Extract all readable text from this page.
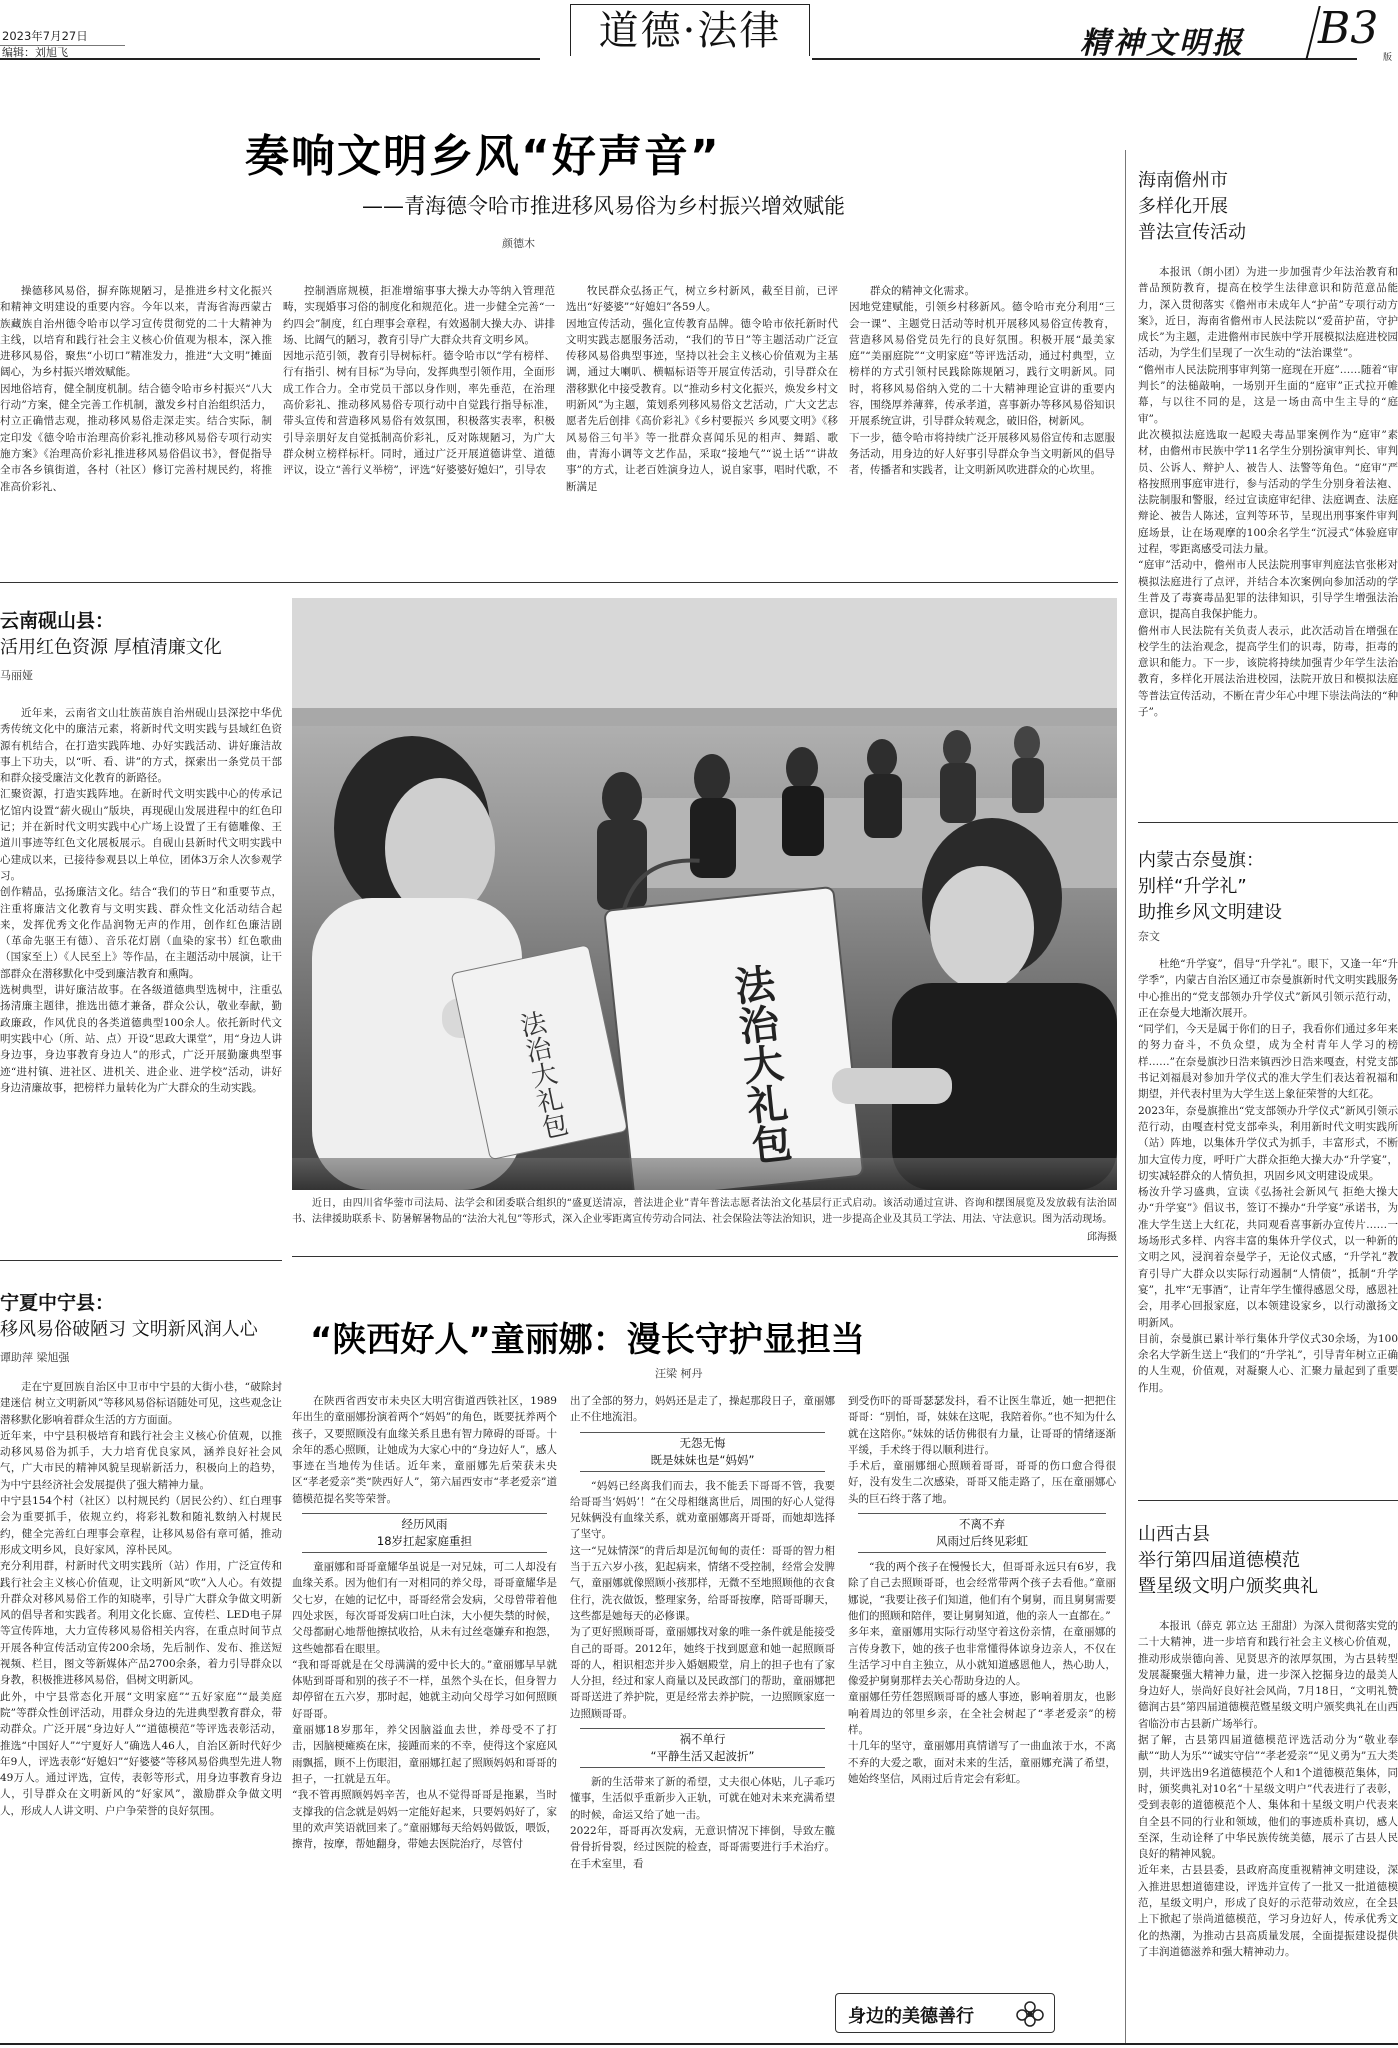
2023年7月27日
编辑：刘旭飞	道德·法律	精神文明报 B3
版
奏响文明乡风“好声音”
——青海德令哈市推进移风易俗为乡村振兴增效赋能
颜德木
操德移风易俗，摒弃陈规陋习，是推进乡村文化振兴和精神文明建设的重要内容。今年以来，青海省海西蒙古族藏族自治州德令哈市以学习宣传贯彻党的二十大精神为主线，以培育和践行社会主义核心价值观为根本，深入推进移风易俗，聚焦“小切口”精准发力，推进“大文明”摊面阔心，为乡村振兴增效赋能。
因地俗培育，健全制度机制。结合德令哈市乡村振兴“八大行动”方案，健全完善工作机制，激发乡村自治组织活力，村立正确惜志观，推动移风易俗走深走实。结合实际，制定印发《德令哈市治理高价彩礼推动移风易俗专项行动实施方案》《治理高价彩礼推进移风易俗倡议书》，督促指导全市各乡镇街道，各村（社区）修订完善村规民约，将推准高价彩礼、
控制酒席规模，拒准增缩事事大操大办等纳入管理范畴，实现婚事习俗的制度化和规范化。进一步健全完善“一约四会”制度，红白理事会章程，有效遏制大操大办、讲排场、比阔气的陋习，教育引导广大群众共育文明乡风。
因地示范引领，教育引导树标杆。德令哈市以“学有榜样、行有指引、树有目标”为导向，发挥典型引领作用，全面形成工作合力。全市党员干部以身作则，率先垂范，在治理高价彩礼、推动移风易俗专项行动中自觉践行指导标准，带头宣传和营造移风易俗有效氛围，积极落实表率，积极引导亲朋好友自觉抵制高价彩礼，反对陈规陋习，为广大群众树立榜样标杆。同时，通过广泛开展道德讲堂、道德评议，设立“善行义举榜”，评选“好婆婆好媳妇”，引导农
牧民群众弘扬正气，树立乡村新风，截至目前，已评选出“好婆婆”“好媳妇”各59人。
因地宣传活动，强化宣传教育品牌。德令哈市依托新时代文明实践志愿服务活动，“我们的节日”等主题活动广泛宣传移风易俗典型事迹，坚持以社会主义核心价值观为主基调，通过大喇叭、横幅标语等开展宣传活动，引导群众在潜移默化中接受教育。以“推动乡村文化振兴，焕发乡村文明新风”为主题，策划系列移风易俗文艺活动，广大文艺志愿者先后创排《高价彩礼》《乡村要振兴 乡风要文明》《移风易俗三句半》等一批群众喜闻乐见的相声、舞蹈、歌曲，青海小调等文艺作品，采取“接地气”“说土话”“讲故事”的方式，让老百姓演身边人，说自家事，唱时代歌，不断满足
群众的精神文化需求。
因地党建赋能，引领乡村移新风。德令哈市充分利用“三会一课”、主题党日活动等时机开展移风易俗宣传教育，营造移风易俗党员先行的良好氛围。积极开展“最美家庭”“美丽庭院”“文明家庭”等评选活动，通过村典型，立榜样的方式引领村民践除陈规陋习，践行文明新风。同时，将移风易俗纳入党的二十大精神理论宣讲的重要内容，围绕厚养薄葬，传承孝道，喜事新办等移风易俗知识开展系统宣讲，引导群众转观念，破旧俗，树新风。
下一步，德令哈市将持续广泛开展移风易俗宣传和志愿服务活动，用身边的好人好事引导群众争当文明新风的倡导者，传播者和实践者，让文明新风吹进群众的心坎里。
云南砚山县：
活用红色资源 厚植清廉文化
马丽娅
近年来，云南省文山壮族苗族自治州砚山县深挖中华优秀传统文化中的廉洁元素，将新时代文明实践与县域红色资源有机结合，在打造实践阵地、办好实践活动、讲好廉洁故事上下功夫，以“听、看、讲”的方式，探索出一条党员干部和群众接受廉洁文化教育的新路径。
汇聚资源，打造实践阵地。在新时代文明实践中心的传承记忆馆内设置“薪火砚山”版块，再现砚山发展进程中的红色印记；并在新时代文明实践中心广场上设置了王有德雕像、王道川事迹等红色文化展板展示。自砚山县新时代文明实践中心建成以来，已接待参观县以上单位，团体3万余人次参观学习。
创作精品，弘扬廉洁文化。结合“我们的节日”和重要节点，注重将廉洁文化教育与文明实践、群众性文化活动结合起来，发挥优秀文化作品润物无声的作用，创作红色廉洁剧（革命先驱王有德）、音乐花灯剧（血染的家书）红色歌曲（国家至上）《人民至上》等作品，在主题活动中展演，让干部群众在潜移默化中受到廉洁教育和熏陶。
选树典型，讲好廉洁故事。在各级道德典型选树中，注重弘扬清廉主题律，推选出德才兼备，群众公认，敬业奉献，勤政廉政，作风优良的各类道德典型100余人。依托新时代文明实践中心（所、站、点）开设“思政大课堂”，用“身边人讲身边事，身边事教育身边人”的形式，广泛开展勤廉典型事迹“进村镇、进社区、进机关、进企业、进学校”活动，讲好身边清廉故事，把榜样力量转化为广大群众的生动实践。	法治大礼包
法治大礼包
近日，由四川省华蓥市司法局、法学会和团委联合组织的“盛夏送清凉，普法进企业”青年普法志愿者法治文化基层行正式启动。该活动通过宣讲、咨询和摆图展览及发放载有法治固书、法律援助联系卡、防暑解暑物品的“法治大礼包”等形式，深入企业零距离宣传劳动合同法、社会保险法等法治知识，进一步提高企业及其员工学法、用法、守法意识。图为活动现场。
邱海摄
宁夏中宁县：
移风易俗破陋习 文明新风润人心
谭助萍 梁旭强
走在宁夏回族自治区中卫市中宁县的大街小巷，“破除封建迷信 树立文明新风”等移风易俗标语随处可见，这些观念让潜移默化影响着群众生活的方方面面。
近年来，中宁县积极培育和践行社会主义核心价值观，以推动移风易俗为抓手，大力培育优良家风，涵养良好社会风气，广大市民的精神风貌呈现崭新活力，积极向上的趋势，为中宁县经济社会发展提供了强大精神力量。
中宁县154个村（社区）以村规民约（居民公约）、红白理事会为重要抓手，依规立约，将彩礼数和随礼数纳入村规民约，健全完善红白理事会章程，让移风易俗有章可循，推动形成文明乡风，良好家风，淳朴民风。
充分利用群，村新时代文明实践所（站）作用，广泛宣传和践行社会主义核心价值观，让文明新风“吹”入人心。有效提升群众对移风易俗工作的知晓率，引导广大群众争做文明新风的倡导者和实践者。利用文化长廊、宣传栏、LED电子屏等宣传阵地，大力宣传移风易俗相关内容，在重点时间节点开展各种宣传活动宣传200余场，先后制作、发布、推送短视频、栏目，图文等新媒体产品2700余条，着力引导群众以身教，积极推进移风易俗，倡树文明新风。
此外，中宁县常态化开展“文明家庭”“五好家庭”“最美庭院”等群众性创评活动，用群众身边的先进典型教育群众，带动群众。广泛开展“身边好人”“道德模范”等评选表彰活动，推选“中国好人”“宁夏好人”确选人46人，自治区新时代好少年9人，评选表彰“好媳妇”“好婆婆”等移风易俗典型先进人物49万人。通过评选，宣传，表彰等形式，用身边事教育身边人，引导群众在文明新风的“好家风”，激励群众争做文明人，形成人人讲文明、户户争荣誉的良好氛围。
“陕西好人”童丽娜：漫长守护显担当
汪梁 柯丹
在陕西省西安市未央区大明宫街道西铁社区，1989年出生的童丽娜扮演着两个“妈妈”的角色，既要抚养两个孩子，又要照顾没有血缘关系且患有智力障碍的哥哥。十余年的悉心照顾，让她成为大家心中的“身边好人”，感人事迹在当地传为佳话。近年来，童丽娜先后荣获未央区“孝老爱亲”类“陕西好人”，第六届西安市“孝老爱亲”道德模范提名奖等荣誉。
经历风雨
18岁扛起家庭重担
童丽娜和哥哥童耀华虽说是一对兄妹，可二人却没有血缘关系。因为他们有一对相同的养父母，哥哥童耀华是父七岁，在她的记忆中，哥哥经常会发病，父母曾带着他四处求医，每次哥哥发病口吐白沫，大小便失禁的时候，父母都耐心地帮他擦拭收拾，从未有过丝毫嫌弃和抱怨，这些她都看在眼里。
“我和哥哥就是在父母满满的爱中长大的。”童丽娜早早就体贴到哥哥和别的孩子不一样，虽然个头在长，但身智力却停留在五六岁，那时起，她就主动向父母学习如何照顾好哥哥。
童丽娜18岁那年，养父因脑溢血去世，养母受不了打击，因脑梗瘫痪在床，接踵而来的不幸，使得这个家庭风雨飘摇，顾不上伤眼泪，童丽娜扛起了照顾妈妈和哥哥的担子，一扛就是五年。
“我不管再照顾妈妈辛苦，也从不觉得哥哥是拖累，当时支撑我的信念就是妈妈一定能好起来，只要妈妈好了，家里的欢声笑语就回来了。”童丽娜每天给妈妈做饭，喂饭，擦背，按摩，帮她翻身，带她去医院治疗，尽管付
出了全部的努力，妈妈还是走了，操起那段日子，童丽娜止不住地流泪。
无怨无悔
既是妹妹也是“妈妈”
“妈妈已经离我们而去，我不能丢下哥哥不管，我要给哥哥当‘妈妈’！”在父母相继离世后，周围的好心人觉得兄妹俩没有血缘关系，就劝童丽娜离开哥哥，而她却选择了坚守。
这一“兄妹情深”的背后却是沉甸甸的责任：哥哥的智力相当于五六岁小孩，犯起病来，情绪不受控制，经常会发脾气，童丽娜就像照顾小孩那样，无微不至地照顾他的衣食住行，洗衣做饭，整理家务，给哥哥按摩，陪哥哥聊天，这些都是她每天的必修课。
为了更好照顾哥哥，童丽娜找对象的唯一条件就是能接受自己的哥哥。2012年，她终于找到愿意和她一起照顾哥哥的人，相识相恋并步入婚姻殿堂，肩上的担子也有了家人分担，经过和家人商量以及民政部门的帮助，童丽娜把哥哥送进了养护院，更是经常去养护院，一边照顾家庭一边照顾哥哥。
祸不单行
“平静生活又起波折”
新的生活带来了新的希望，丈夫很心体贴，儿子乖巧懂事，生活似乎重新步入正轨，可就在她对未来充满希望的时候，命运又给了她一击。
2022年，哥哥再次发病，无意识情况下摔倒，导致左髋骨骨折骨裂，经过医院的检查，哥哥需要进行手术治疗。在手术室里，看
到受伤吓的哥哥瑟瑟发抖，看不让医生靠近，她一把把住哥哥：“别怕，哥，妹妹在这呢，我陪着你。”也不知为什么就在这陪你。”妹妹的话仿佛很有力量，让哥哥的情绪逐渐平缓，手术终于得以顺利进行。
手术后，童丽娜细心照顾着哥哥，哥哥的伤口愈合得很好，没有发生二次感染，哥哥又能走路了，压在童丽娜心头的巨石终于落了地。
不离不弃
风雨过后终见彩虹
“我的两个孩子在慢慢长大，但哥哥永远只有6岁，我除了自己去照顾哥哥，也会经常带两个孩子去看他。”童丽娜说，“我要让孩子们知道，他们有个舅舅，而且舅舅需要他们的照顾和陪伴，要让舅舅知道，他的亲人一直都在。”
多年来，童丽娜用实际行动坚守着这份亲情，在童丽娜的言传身教下，她的孩子也非常懂得体谅身边亲人，不仅在生活学习中自主独立，从小就知道感恩他人，热心助人，像爱护舅舅那样去关心帮助身边的人。
童丽娜任劳任怨照顾哥哥的感人事迹，影响着朋友，也影响着周边的邻里乡亲，在全社会树起了“孝老爱亲”的榜样。
十几年的坚守，童丽娜用真情谱写了一曲血浓于水，不离不弃的大爱之歌，面对未来的生活，童丽娜充满了希望，她始终坚信，风雨过后肯定会有彩虹。
身边的美德善行
海南儋州市
多样化开展
普法宣传活动
本报讯（朗小团）为进一步加强青少年法治教育和普品预防教育，提高在校学生法律意识和防范意品能力，深入贯彻落实《儋州市未成年人“护苗”专项行动方案》，近日，海南省儋州市人民法院以“爱苗护苗，守护成长”为主题，走进儋州市民族中学开展模拟法庭进校园活动，为学生们呈现了一次生动的“法治课堂”。
“儋州市人民法院刑事审判第一庭现在开庭”……随着“审判长”的法槌敲响，一场别开生面的“庭审”正式拉开帷幕，与以往不同的是，这是一场由高中生主导的“庭审”。
此次模拟法庭选取一起殴夫毒品罪案例作为“庭审”素材，由儋州市民族中学11名学生分别扮演审判长、审判员、公诉人、辩护人、被告人、法警等角色。“庭审”严格按照刑事庭审进行，参与活动的学生分别身着法袍、法院制服和警服，经过宣读庭审纪律、法庭调查、法庭辩论、被告人陈述，宣判等环节，呈现出刑事案件审判庭场景，让在场观摩的100余名学生“沉浸式”体验庭审过程，零距离感受司法力量。
“庭审”活动中，儋州市人民法院刑事审判庭法官张彬对模拟法庭进行了点评，并结合本次案例向参加活动的学生普及了毒赛毒品犯罪的法律知识，引导学生增强法治意识，提高自我保护能力。
儋州市人民法院有关负责人表示，此次活动旨在增强在校学生的法治观念，提高学生们的识毒，防毒，拒毒的意识和能力。下一步，该院将持续加强青少年学生法治教育，多样化开展法治进校园，法院开放日和模拟法庭等普法宣传活动，不断在青少年心中埋下崇法尚法的“种子”。
内蒙古奈曼旗：
别样“升学礼”
助推乡风文明建设
奈文
杜绝“升学宴”，倡导“升学礼”。眼下，又逢一年“升学季”，内蒙古自治区通辽市奈曼旗新时代文明实践服务中心推出的“党支部领办升学仪式”新风引领示范行动，正在奈曼大地渐次展开。
“同学们，今天是属于你们的日子，我看你们通过多年来的努力奋斗，不负众望，成为全村青年人学习的榜样……”在奈曼旗沙日浩来镇西沙日浩来嘎查，村党支部书记刘福晨对参加升学仪式的准大学生们表达着祝福和期望，并代表村里为大学生送上象征荣誉的大红花。
2023年，奈曼旗推出“党支部领办升学仪式”新风引领示范行动，由嘎查村党支部牵头，利用新时代文明实践所（站）阵地，以集体升学仪式为抓手，丰富形式，不断加大宣传力度，呼吁广大群众拒绝大操大办“升学宴”，切实减轻群众的人情负担，巩固乡风文明建设成果。
杨汝升学习盛典，宣读《弘扬社会新风气 拒绝大操大办“升学宴”》倡议书，签订不操办“升学宴”承诺书，为准大学生送上大红花，共同观看喜事新办宣传片……一场场形式多样、内容丰富的集体升学仪式，以一种新的文明之风，浸润着奈曼学子，无论仪式感，“升学礼”教育引导广大群众以实际行动遏制“人情债”，抵制“升学宴”，扎牢“无事酒”，让青年学生懂得感恩父母，感恩社会，用孝心回报家庭，以本领建设家乡，以行动激扬文明新风。
目前，奈曼旗已累计举行集体升学仪式30余场，为100余名大学新生送上“我们的“升学礼”，引导青年树立正确的人生观，价值观，对凝聚人心、汇聚力量起到了重要作用。
山西古县
举行第四届道德模范
暨星级文明户颁奖典礼
本报讯（薛克 郭立达 王甜甜）为深入贯彻落实党的二十大精神，进一步培育和践行社会主义核心价值观，推动形成崇德向善、见贤思齐的浓厚氛围，为古县转型发展凝聚强大精神力量，进一步深入挖掘身边的最美人身边好人，崇尚好良好社会风尚，7月18日，“文明礼赞 德润古县”第四届道德模范暨星级文明户颁奖典礼在山西省临汾市古县新广场举行。
据了解，古县第四届道德模范评选活动分为“敬业奉献”“助人为乐”“诚实守信”“孝老爱亲”“见义勇为”五大类别，共评选出9名道德模范个人和1个道德模范集体，同时，颁奖典礼对10名“十星级文明户”代表进行了表彰，受到表彰的道德模范个人、集体和十星级文明户代表来自全县不同的行业和领域，他们的事迹质朴真切，感人至深，生动诠释了中华民族传统美德，展示了古县人民良好的精神风貌。
近年来，古县县委，县政府高度重视精神文明建设，深入推进思想道德建设，评选并宣传了一批又一批道德模范，星级文明户，形成了良好的示范带动效应，在全县上下掀起了崇尚道德模范，学习身边好人，传承优秀文化的热潮，为推动古县高质量发展，全面提振建设提供了丰润道德滋养和强大精神动力。
